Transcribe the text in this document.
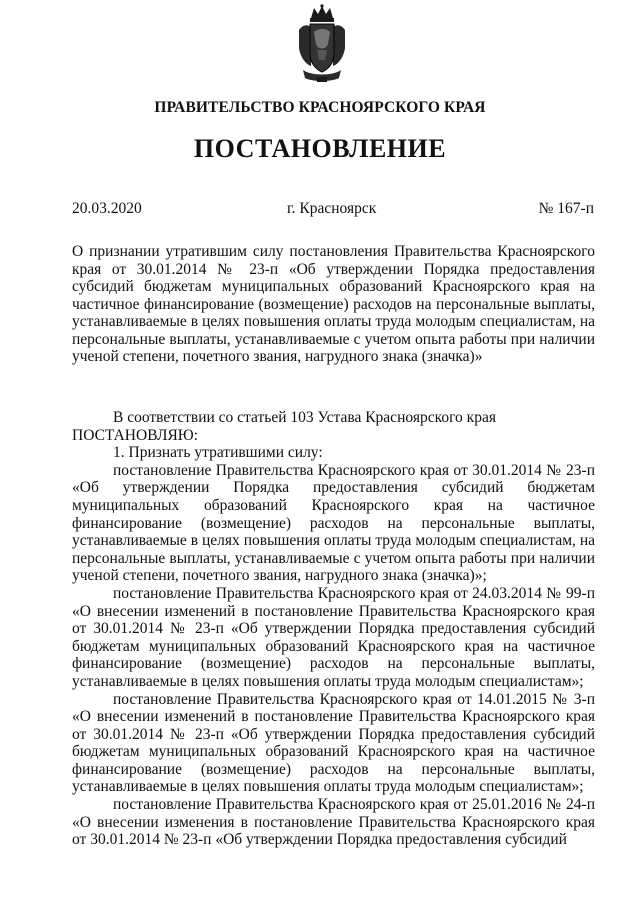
ПРАВИТЕЛЬСТВО КРАСНОЯРСКОГО КРАЯ
ПОСТАНОВЛЕНИЕ
20.03.2020	г. Красноярск	№ 167-п
О признании утратившим силу постановления Правительства Красноярского края от 30.01.2014 № 23-п «Об утверждении Порядка предоставления субсидий бюджетам муниципальных образований Красноярского края на частичное финансирование (возмещение) расходов на персональные выплаты, устанавливаемые в целях повышения оплаты труда молодым специалистам, на персональные выплаты, устанавливаемые с учетом опыта работы при наличии ученой степени, почетного звания, нагрудного знака (значка)»

В соответствии со статьей 103 Устава Красноярского края

ПОСТАНОВЛЯЮ:

1. Признать утратившими силу:

постановление Правительства Красноярского края от 30.01.2014 № 23-п «Об утверждении Порядка предоставления субсидий бюджетам муниципальных образований Красноярского края на частичное финансирование (возмещение) расходов на персональные выплаты, устанавливаемые в целях повышения оплаты труда молодым специалистам, на персональные выплаты, устанавливаемые с учетом опыта работы при наличии ученой степени, почетного звания, нагрудного знака (значка)»;

постановление Правительства Красноярского края от 24.03.2014 № 99-п «О внесении изменений в постановление Правительства Красноярского края от 30.01.2014 № 23-п «Об утверждении Порядка предоставления субсидий бюджетам муниципальных образований Красноярского края на частичное финансирование (возмещение) расходов на персональные выплаты, устанавливаемые в целях повышения оплаты труда молодым специалистам»;

постановление Правительства Красноярского края от 14.01.2015 № 3-п «О внесении изменений в постановление Правительства Красноярского края от 30.01.2014 № 23-п «Об утверждении Порядка предоставления субсидий бюджетам муниципальных образований Красноярского края на частичное финансирование (возмещение) расходов на персональные выплаты, устанавливаемые в целях повышения оплаты труда молодым специалистам»;

постановление Правительства Красноярского края от 25.01.2016 № 24-п «О внесении изменения в постановление Правительства Красноярского края от 30.01.2014 № 23-п «Об утверждении Порядка предоставления субсидий
